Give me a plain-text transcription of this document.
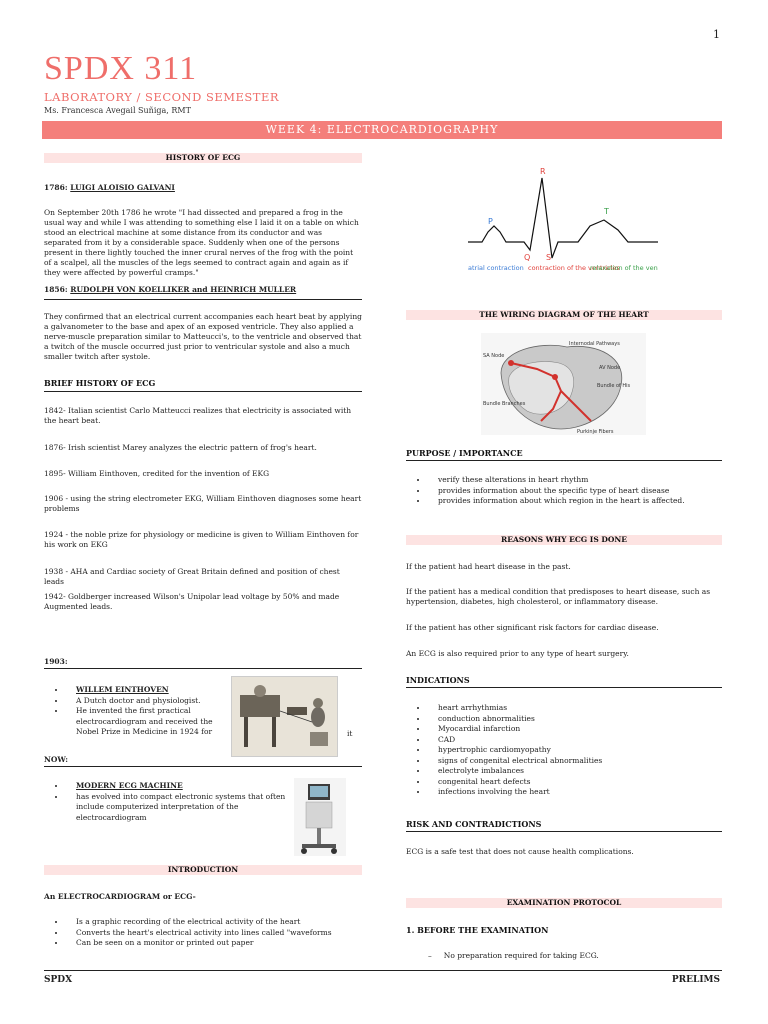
1
SPDX 311
LABORATORY / SECOND SEMESTER
Ms. Francesca Avegail Suñiga, RMT
WEEK 4: ELECTROCARDIOGRAPHY
HISTORY OF ECG
1786: LUIGI ALOISIO GALVANI
On September 20th 1786 he wrote "I had dissected and prepared a frog in the usual way and while I was attending to something else I laid it on a table on which stood an electrical machine at some distance from its conductor and was separated from it by a considerable space. Suddenly when one of the persons present in there lightly touched the inner crural nerves of the frog with the point of a scalpel, all the muscles of the legs seemed to contract again and again as if they were affected by powerful cramps."
1856: RUDOLPH VON KOELLIKER and HEINRICH MULLER
They confirmed that an electrical current accompanies each heart beat by applying a galvanometer to the base and apex of an exposed ventricle. They also applied a nerve-muscle preparation similar to Matteucci's, to the ventricle and observed that a twitch of the muscle occurred just prior to ventricular systole and also a much smaller twitch after systole.
BRIEF HISTORY OF ECG
1842- Italian scientist Carlo Matteucci realizes that electricity is associated with the heart beat.
1876- Irish scientist Marey analyzes the electric pattern of frog's heart.
1895- William Einthoven, credited for the invention of EKG
1906 - using the string electrometer EKG, William Einthoven diagnoses some heart problems
1924 - the noble prize for physiology or medicine is given to William Einthoven for his work on EKG
1938 - AHA and Cardiac society of Great Britain defined and position of chest leads
1942- Goldberger increased Wilson's Unipolar lead voltage by 50% and made Augmented leads.
1903:
• WILLEM EINTHOVEN
• A Dutch doctor and physiologist.
• He invented the first practical electrocardiogram and received the Nobel Prize in Medicine in 1924 for	it
NOW:
• MODERN ECG MACHINE
• has evolved into compact electronic systems that often include computerized interpretation of the electrocardiogram
INTRODUCTION
An ELECTROCARDIOGRAM or ECG-
• Is a graphic recording of the electrical activity of the heart
• Converts the heart's electrical activity into lines called "waveforms
• Can be seen on a monitor or printed out paper
R
P
T
Q S
atrial contraction contraction of the ventricles
relaxation of the ven
THE WIRING DIAGRAM OF THE HEART
SA Node
Internodal Pathways
AV Node
Bundle of His
Bundle Branches
Purkinje Fibers
PURPOSE / IMPORTANCE
• verify these alterations in heart rhythm
• provides information about the specific type of heart disease
• provides information about which region in the heart is affected.
REASONS WHY ECG IS DONE
If the patient had heart disease in the past.
If the patient has a medical condition that predisposes to heart disease, such as hypertension, diabetes, high cholesterol, or inflammatory disease.
If the patient has other significant risk factors for cardiac disease.
An ECG is also required prior to any type of heart surgery.
INDICATIONS
• heart arrhythmias
• conduction abnormalities
• Myocardial infarction
• CAD
• hypertrophic cardiomyopathy
• signs of congenital electrical abnormalities
• electrolyte imbalances
• congenital heart defects
• infections involving the heart
RISK AND CONTRADICTIONS
ECG is a safe test that does not cause health complications.
EXAMINATION PROTOCOL
1. BEFORE THE EXAMINATION
– No preparation required for taking ECG.
SPDX	PRELIMS
